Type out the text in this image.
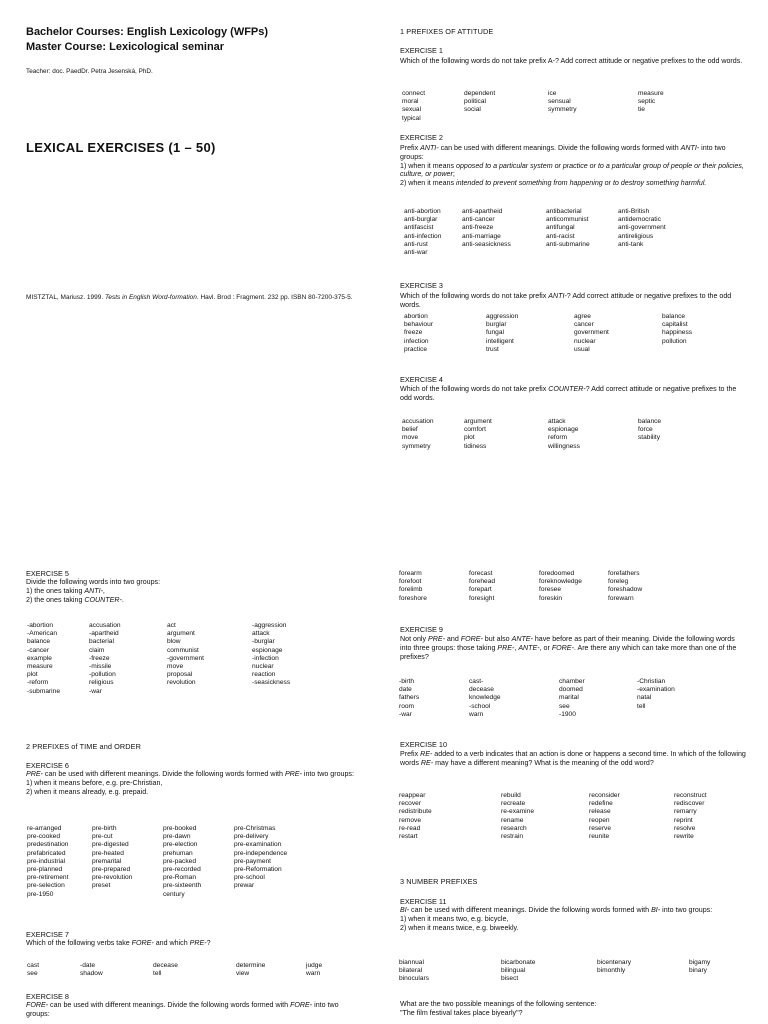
Bachelor Courses: English Lexicology (WFPs)
Master Course: Lexicological seminar
Teacher: doc. PaedDr. Petra Jesenská, PhD.
LEXICAL EXERCISES (1 – 50)
MISTZTAL, Mariusz. 1999. Tests in English Word-formation. Havl. Brod : Fragment. 232 pp. ISBN 80-7200-375-5.
1 PREFIXES OF ATTITUDE
EXERCISE 1
Which of the following words do not take prefix A-? Add correct attitude or negative prefixes to the odd words.
connect
moral
sexual
typical
dependent
political
social
ice
sensual
symmetry
measure
septic
tie
EXERCISE 2
Prefix ANTI- can be used with different meanings. Divide the following words formed with ANTI- into two groups:
1) when it means opposed to a particular system or practice or to a particular group of people or their policies, culture, or power;
2) when it means intended to prevent something from happening or to destroy something harmful.
anti-abortion
anti-burglar
antifascist
anti-infection
anti-rust
anti-war
anti-apartheid
anti-cancer
anti-freeze
anti-marriage
anti-seasickness
antibacterial
anticommunist
antifungal
anti-racist
anti-submarine
anti-British
antidemocratic
anti-government
antireligious
anti-tank
EXERCISE 3
Which of the following words do not take prefix ANTI-? Add correct attitude or negative prefixes to the odd words.
abortion
behaviour
freeze
infection
practice
aggression
burglar
fungal
intelligent
trust
agree
cancer
government
nuclear
usual
balance
capitalist
happiness
pollution
EXERCISE 4
Which of the following words do not take prefix COUNTER-? Add correct attitude or negative prefixes to the odd words.
accusation
belief
move
symmetry
argument
comfort
plot
tidiness
attack
espionage
reform
willingness
balance
force
stability
EXERCISE 5
Divide the following words into two groups:
1) the ones taking ANTI-,
2) the ones taking COUNTER-.
-abortion
-American
balance
-cancer
example
measure
plot
-reform
-submarine
accusation
-apartheid
bacterial
claim
-freeze
-missile
-pollution
religious
-war
act
argument
blow
communist
-government
move
proposal
revolution
-aggression
attack
-burglar
espionage
-infection
nuclear
reaction
-seasickness
2 PREFIXES of TIME and ORDER
EXERCISE 6
PRE- can be used with different meanings. Divide the following words formed with PRE- into two groups:
1) when it means before, e.g. pre-Christian,
2) when it means already, e.g. prepaid.
re-arranged
pre-cooked
predestination
prefabricated
pre-industrial
pre-planned
pre-retirement
pre-selection
pre-1950
pre-birth
pre-cut
pre-digested
pre-heated
premarital
pre-prepared
pre-revolution
preset
pre-booked
pre-dawn
pre-election
prehuman
pre-packed
pre-recorded
pre-Roman
pre-sixteenth
century
pre-Christmas
pre-delivery
pre-examination
pre-independence
pre-payment
pre-Reformation
pre-school
prewar
EXERCISE 7
Which of the following verbs take FORE- and which PRE-?
cast
see
-date
shadow
decease
tell
determine
view
judge
warn
EXERCISE 8
FORE- can be used with different meanings. Divide the following words formed with FORE- into two groups:
forearm
forefoot
forelimb
foreshore
forecast
forehead
forepart
foresight
foredoomed
foreknowledge
foresee
foreskin
forefathers
foreleg
foreshadow
forewarn
EXERCISE 9
Not only PRE- and FORE- but also ANTE- have before as part of their meaning. Divide the following words into three groups: those taking PRE-, ANTE-, or FORE-. Are there any which can take more than one of the prefixes?
-birth
date
fathers
room
-war
cast-
decease
knowledge
-school
warn
chamber
doomed
marital
see
-1900
-Christian
-examination
natal
tell
EXERCISE 10
Prefix RE- added to a verb indicates that an action is done or happens a second time. In which of the following words RE- may have a different meaning? What is the meaning of the odd word?
reappear
recover
redistribute
remove
re-read
restart
rebuild
recreate
re-examine
rename
research
restrain
reconsider
redefine
release
reopen
reserve
reunite
reconstruct
rediscover
remarry
reprint
resolve
rewrite
3 NUMBER PREFIXES
EXERCISE 11
BI- can be used with different meanings. Divide the following words formed with BI- into two groups:
1) when it means two, e.g. bicycle,
2) when it means twice, e.g. biweekly.
biannual
bilateral
binoculars
bicarbonate
bilingual
bisect
bicentenary
bimonthly
bigamy
binary
What are the two possible meanings of the following sentence:
"The film festival takes place biyearly"?
